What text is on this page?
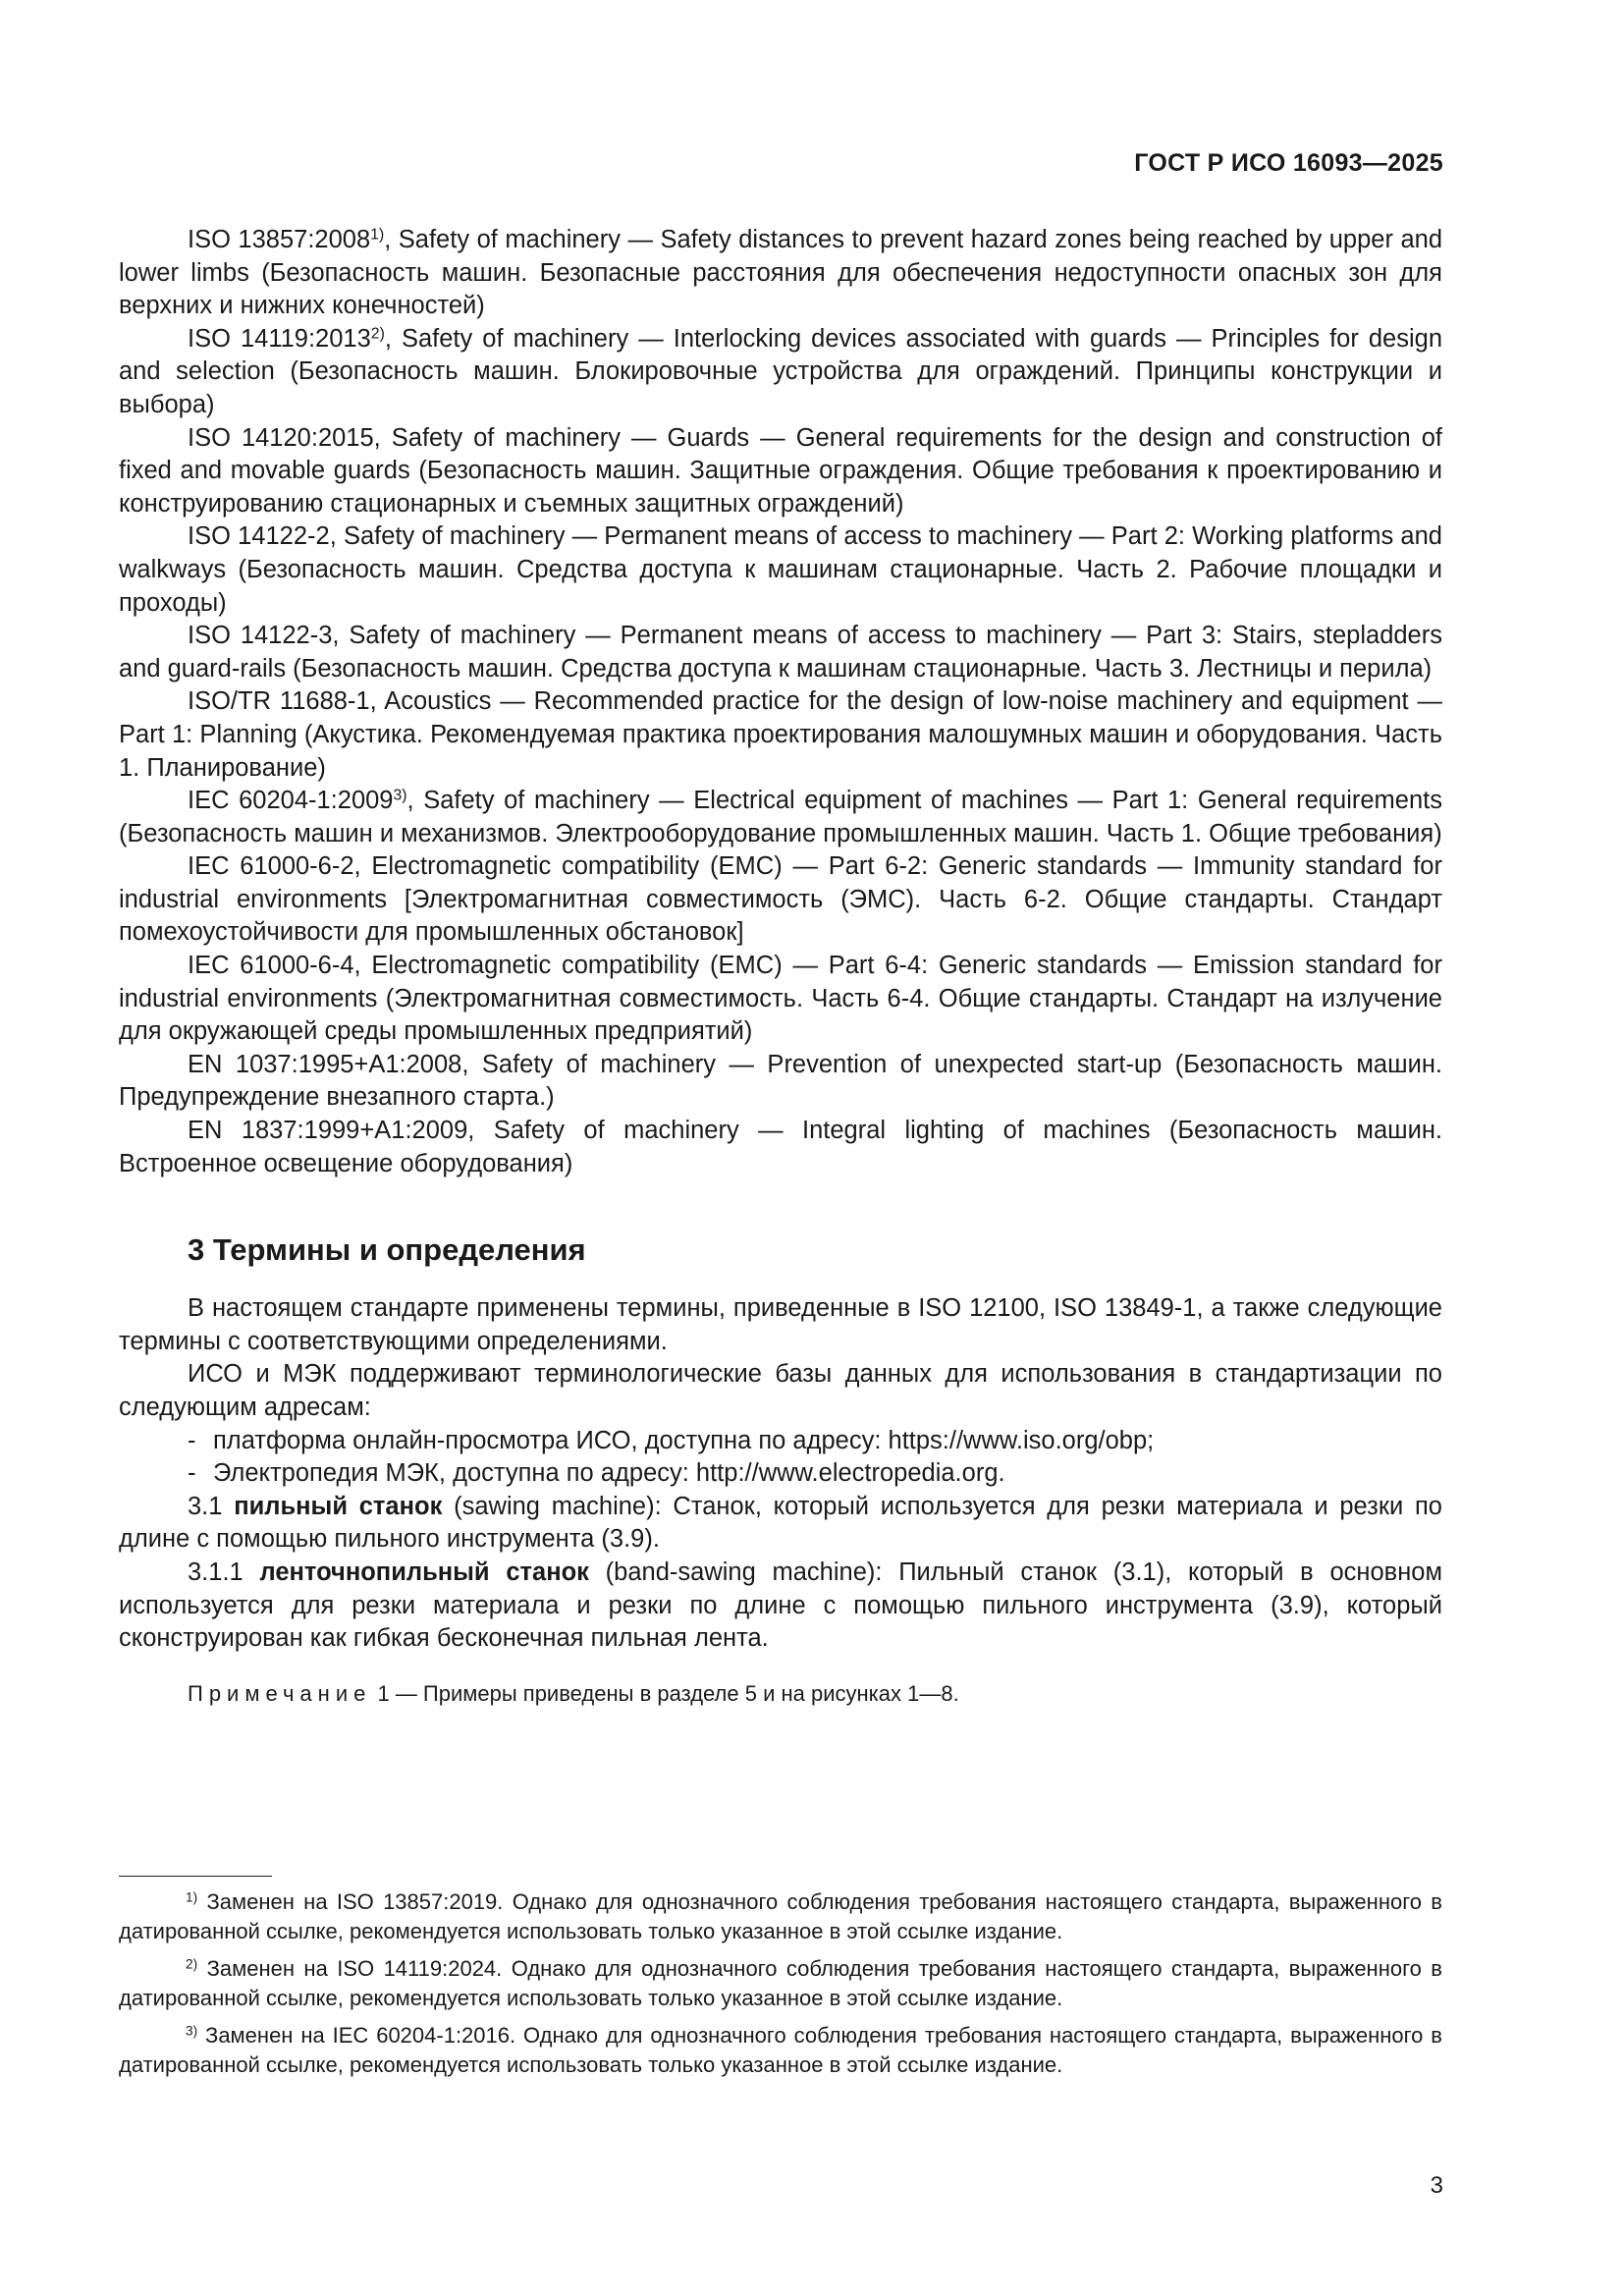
ГОСТ Р ИСО 16093—2025

ISO 13857:2008$^{1)}$, Safety of machinery — Safety distances to prevent hazard zones being reached by upper and lower limbs (Безопасность машин. Безопасные расстояния для обеспечения недоступности опасных зон для верхних и нижних конечностей)

ISO 14119:2013$^{2)}$, Safety of machinery — Interlocking devices associated with guards — Principles for design and selection (Безопасность машин. Блокировочные устройства для ограждений. Принципы конструкции и выбора)

ISO 14120:2015, Safety of machinery — Guards — General requirements for the design and construction of fixed and movable guards (Безопасность машин. Защитные ограждения. Общие требования к проектированию и конструированию стационарных и съемных защитных ограждений)

ISO 14122-2, Safety of machinery — Permanent means of access to machinery — Part 2: Working platforms and walkways (Безопасность машин. Средства доступа к машинам стационарные. Часть 2. Рабочие площадки и проходы)

ISO 14122-3, Safety of machinery — Permanent means of access to machinery — Part 3: Stairs, stepladders and guard-rails (Безопасность машин. Средства доступа к машинам стационарные. Часть 3. Лестницы и перила)

ISO/TR 11688-1, Acoustics — Recommended practice for the design of low-noise machinery and equipment — Part 1: Planning (Акустика. Рекомендуемая практика проектирования малошумных машин и оборудования. Часть 1. Планирование)

IEC 60204-1:2009$^{3)}$, Safety of machinery — Electrical equipment of machines — Part 1: General requirements (Безопасность машин и механизмов. Электрооборудование промышленных машин. Часть 1. Общие требования)

IEC 61000-6-2, Electromagnetic compatibility (EMC) — Part 6-2: Generic standards — Immunity standard for industrial environments [Электромагнитная совместимость (ЭМС). Часть 6-2. Общие стандарты. Стандарт помехоустойчивости для промышленных обстановок]

IEC 61000-6-4, Electromagnetic compatibility (EMC) — Part 6-4: Generic standards — Emission standard for industrial environments (Электромагнитная совместимость. Часть 6-4. Общие стандарты. Стандарт на излучение для окружающей среды промышленных предприятий)

EN 1037:1995+A1:2008, Safety of machinery — Prevention of unexpected start-up (Безопасность машин. Предупреждение внезапного старта.)

EN 1837:1999+A1:2009, Safety of machinery — Integral lighting of machines (Безопасность машин. Встроенное освещение оборудования)

3 Термины и определения

В настоящем стандарте применены термины, приведенные в ISO 12100, ISO 13849-1, а также следующие термины с соответствующими определениями.

ИСО и МЭК поддерживают терминологические базы данных для использования в стандартизации по следующим адресам:

- платформа онлайн-просмотра ИСО, доступна по адресу: https://www.iso.org/obp;
- Электропедия МЭК, доступна по адресу: http://www.electropedia.org.

3.1 пильный станок (sawing machine): Станок, который используется для резки материала и резки по длине с помощью пильного инструмента (3.9).

3.1.1 ленточнопильный станок (band-sawing machine): Пильный станок (3.1), который в основном используется для резки материала и резки по длине с помощью пильного инструмента (3.9), который сконструирован как гибкая бесконечная пильная лента.

Примечание 1 — Примеры приведены в разделе 5 и на рисунках 1—8.

$^{1)}$ Заменен на ISO 13857:2019. Однако для однозначного соблюдения требования настоящего стандарта, выраженного в датированной ссылке, рекомендуется использовать только указанное в этой ссылке издание.

$^{2)}$ Заменен на ISO 14119:2024. Однако для однозначного соблюдения требования настоящего стандарта, выраженного в датированной ссылке, рекомендуется использовать только указанное в этой ссылке издание.

$^{3)}$ Заменен на IEC 60204-1:2016. Однако для однозначного соблюдения требования настоящего стандарта, выраженного в датированной ссылке, рекомендуется использовать только указанное в этой ссылке издание.

3
